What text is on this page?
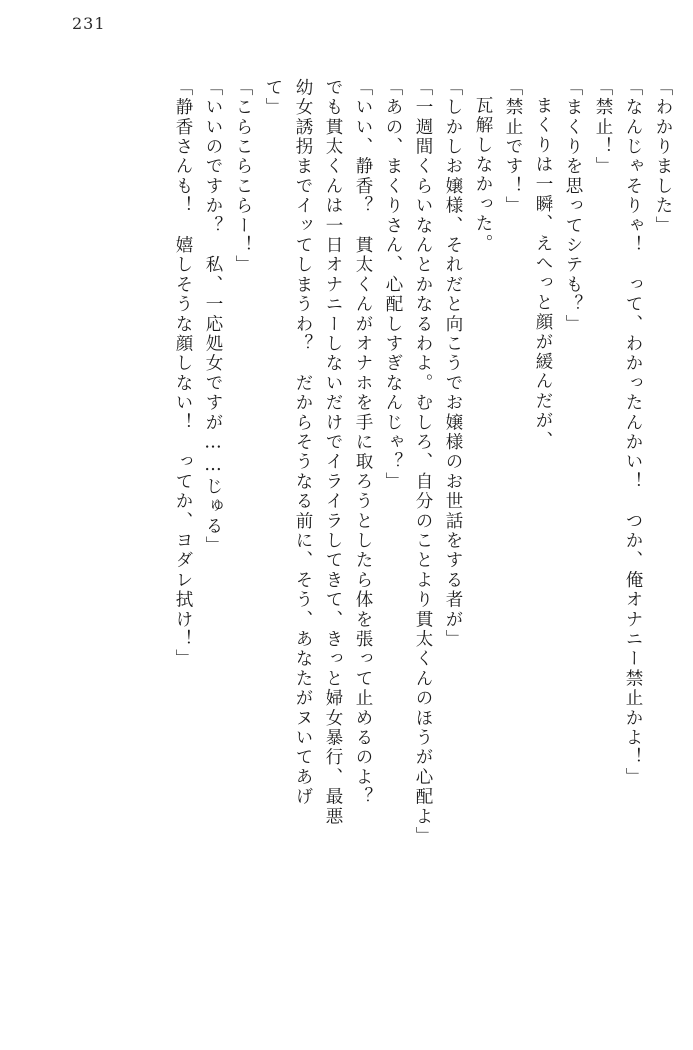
231
「わかりました」
「なんじゃそりゃ！　って、わかったんかい！　つか、俺オナニー禁止かよ！」
「禁止！」
「まくりを思ってシテも？」
まくりは一瞬、えへっと顔が緩んだが、
「禁止です！」
瓦解しなかった。
「しかしお嬢様、それだと向こうでお嬢様のお世話をする者が」
「一週間くらいなんとかなるわよ。むしろ、自分のことより貫太くんのほうが心配よ」
「あの、まくりさん、心配しすぎなんじゃ？」
「いい、静香？　貫太くんがオナホを手に取ろうとしたら体を張って止めるのよ？
でも貫太くんは一日オナニーしないだけでイライラしてきて、きっと婦女暴行、最悪
幼女誘拐までイッてしまうわ？　だからそうなる前に、そう、あなたがヌいてあげ
て」
「こらこらこらー！」
「いいのですか？　私、一応処女ですが……じゅる」
「静香さんも！　嬉しそうな顔しない！　ってか、ヨダレ拭け！」
